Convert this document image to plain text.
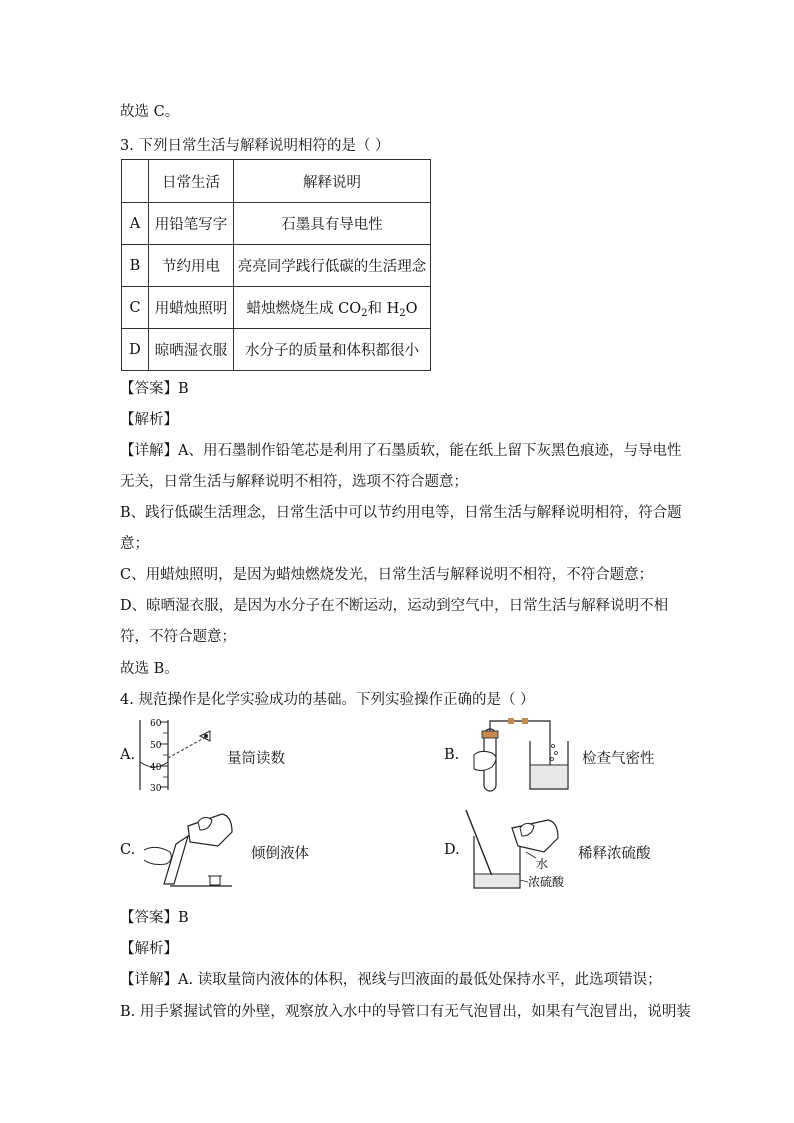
故选 C。
3. 下列日常生活与解释说明相符的是（ ）
	日常生活	解释说明
A	用铅笔写字	石墨具有导电性
B	节约用电	亮亮同学践行低碳的生活理念
C	用蜡烛照明	蜡烛燃烧生成 $CO_2$和 $H_2O$
D	晾晒湿衣服	水分子的质量和体积都很小
【答案】B
【解析】
【详解】A、用石墨制作铅笔芯是利用了石墨质软，能在纸上留下灰黑色痕迹，与导电性
无关，日常生活与解释说明不相符，选项不符合题意；
B、践行低碳生活理念，日常生活中可以节约用电等，日常生活与解释说明相符，符合题
意；
C、用蜡烛照明，是因为蜡烛燃烧发光，日常生活与解释说明不相符，不符合题意；
D、晾晒湿衣服，是因为水分子在不断运动，运动到空气中，日常生活与解释说明不相
符，不符合题意；
故选 B。
4. 规范操作是化学实验成功的基础。下列实验操作正确的是（ ）
A.
60
50
40
30
量筒读数	B.	检查气密性
C.	倾倒液体	D.
水
浓硫酸
稀释浓硫酸
【答案】B
【解析】
【详解】A. 读取量筒内液体的体积，视线与凹液面的最低处保持水平，此选项错误；
B. 用手紧握试管的外壁，观察放入水中的导管口有无气泡冒出，如果有气泡冒出，说明装
